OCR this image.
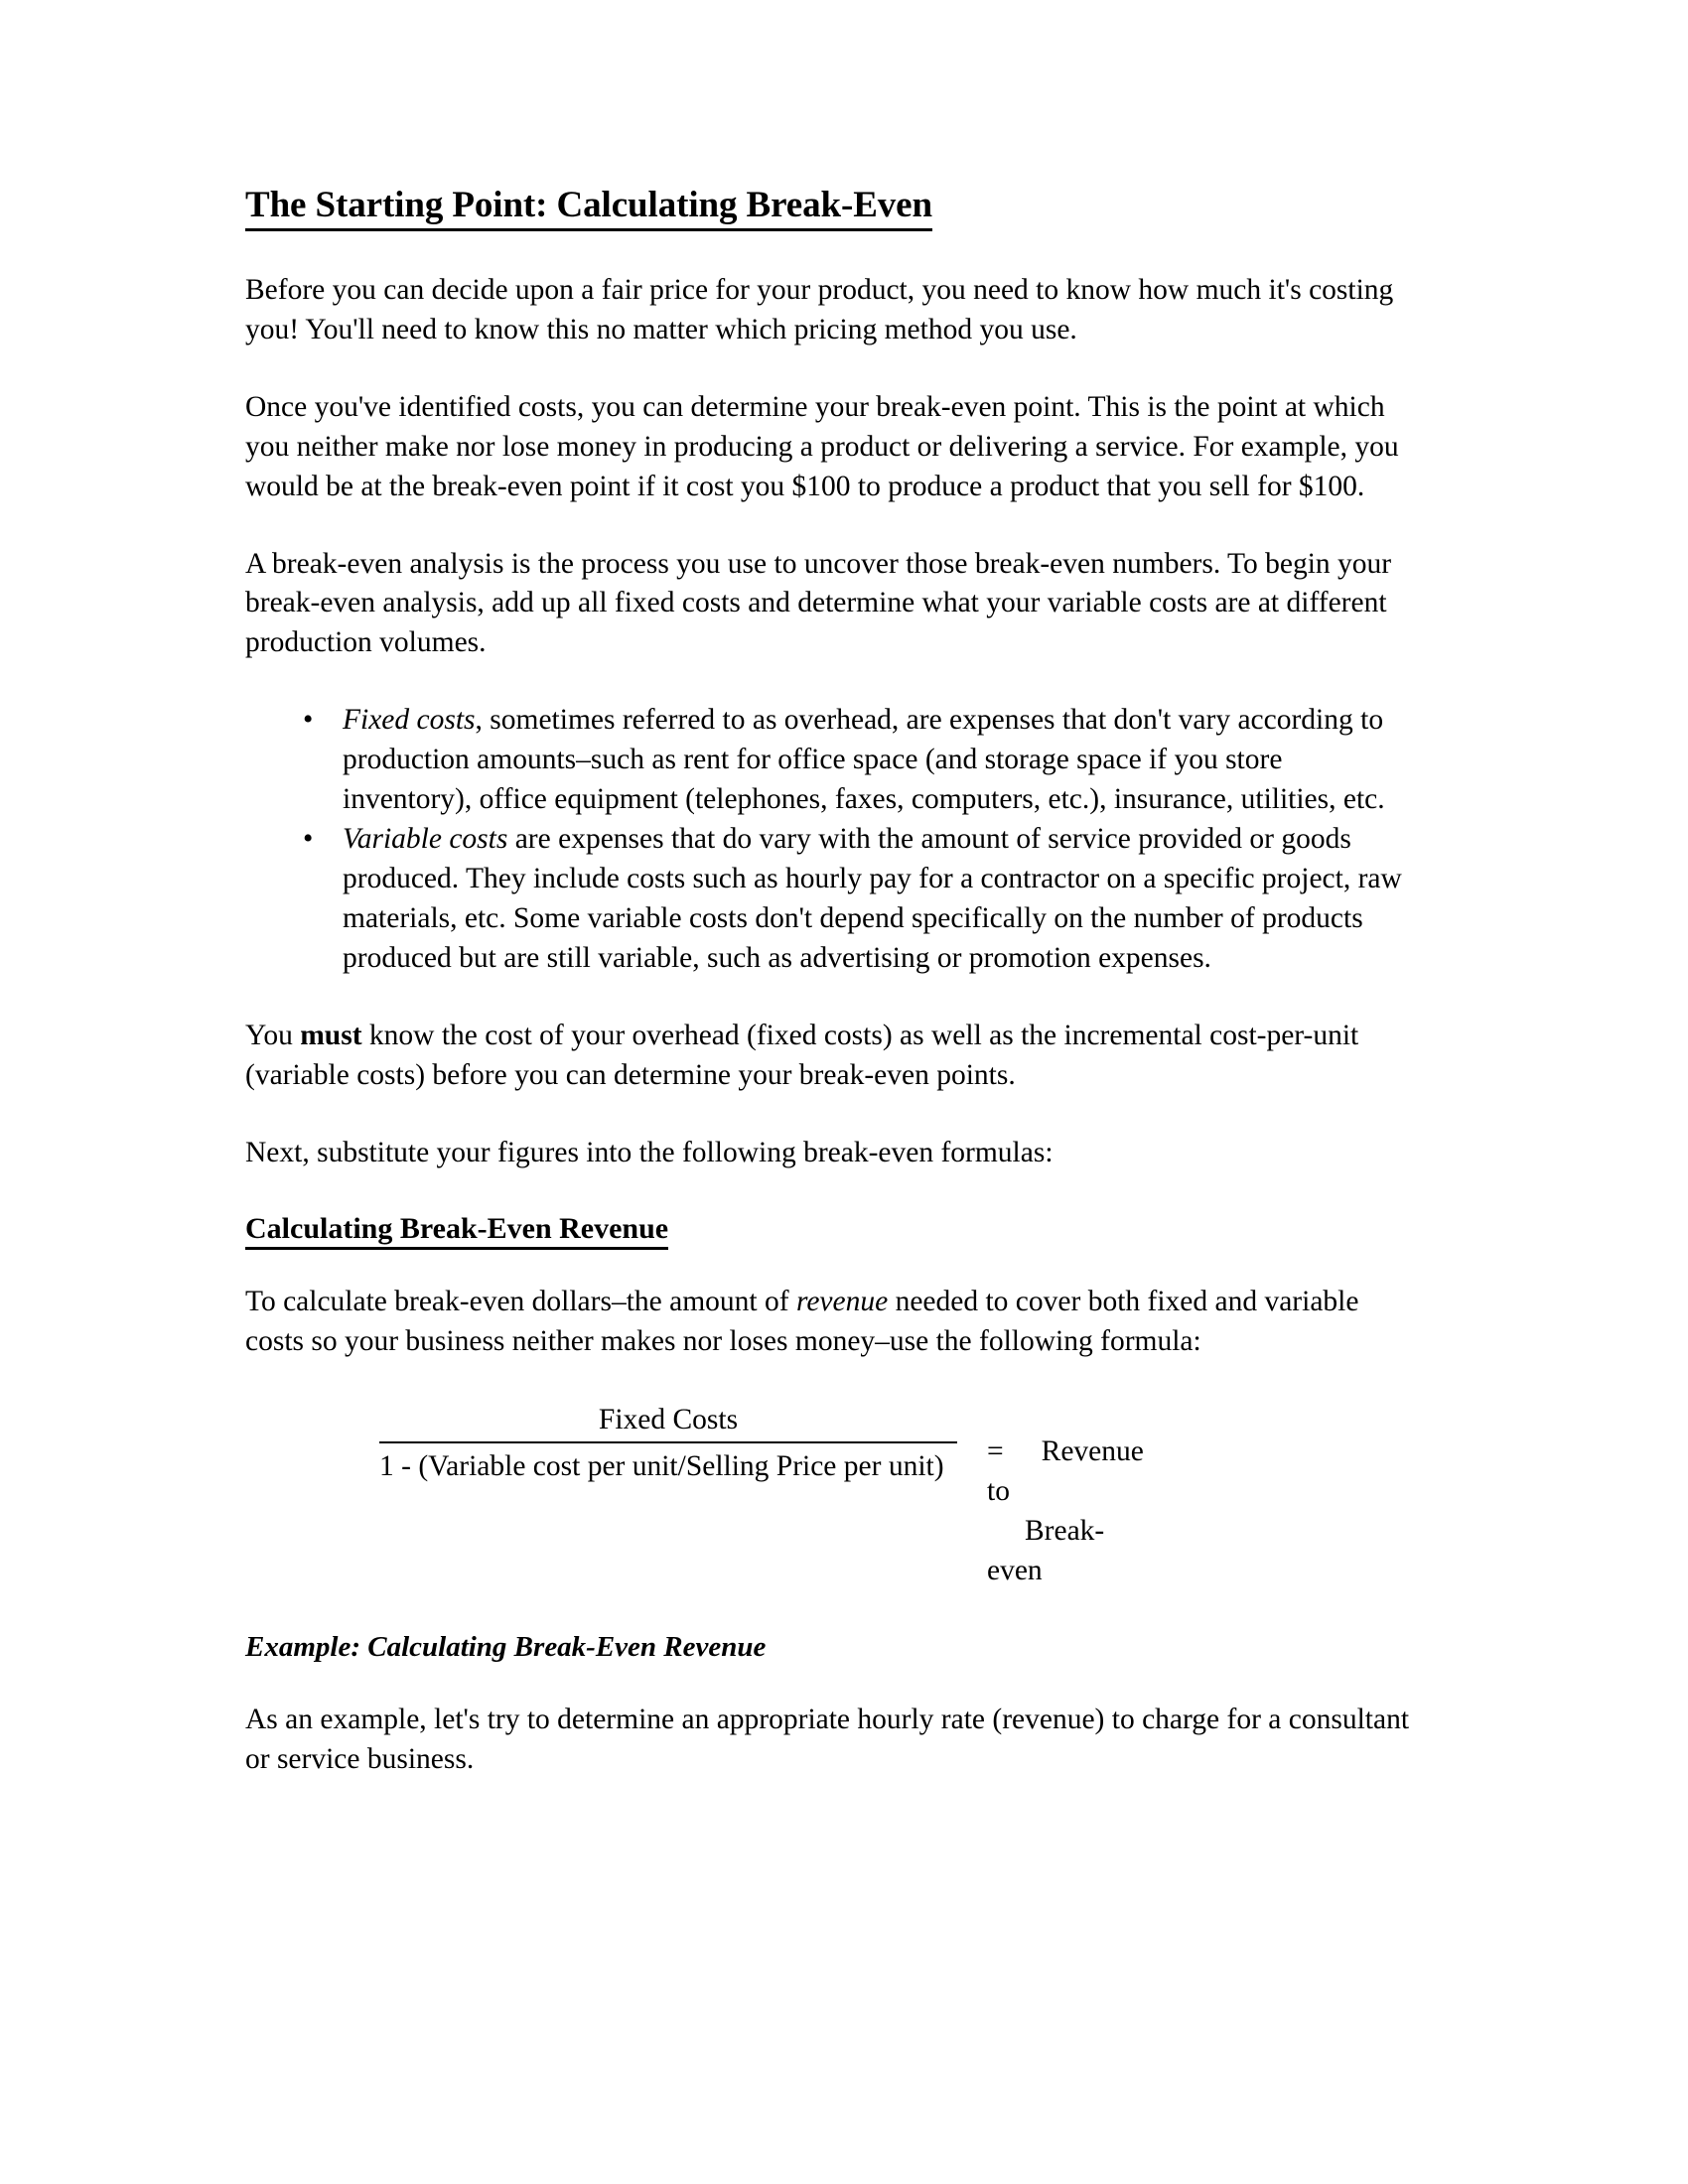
The Starting Point: Calculating Break-Even

Before you can decide upon a fair price for your product, you need to know how much it's costing you! You'll need to know this no matter which pricing method you use.

Once you've identified costs, you can determine your break-even point. This is the point at which you neither make nor lose money in producing a product or delivering a service. For example, you would be at the break-even point if it cost you $100 to produce a product that you sell for $100.

A break-even analysis is the process you use to uncover those break-even numbers. To begin your break-even analysis, add up all fixed costs and determine what your variable costs are at different production volumes.

• Fixed costs, sometimes referred to as overhead, are expenses that don't vary according to production amounts–such as rent for office space (and storage space if you store inventory), office equipment (telephones, faxes, computers, etc.), insurance, utilities, etc.
• Variable costs are expenses that do vary with the amount of service provided or goods produced. They include costs such as hourly pay for a contractor on a specific project, raw materials, etc. Some variable costs don't depend specifically on the number of products produced but are still variable, such as advertising or promotion expenses.

You must know the cost of your overhead (fixed costs) as well as the incremental cost-per-unit (variable costs) before you can determine your break-even points.

Next, substitute your figures into the following break-even formulas:

Calculating Break-Even Revenue

To calculate break-even dollars–the amount of revenue needed to cover both fixed and variable costs so your business neither makes nor loses money–use the following formula:

$\frac{\text{Fixed Costs}}{\text{1 - (Variable cost per unit/Selling Price per unit)}}$ = Revenue
to
Break-
even
Example: Calculating Break-Even Revenue

As an example, let's try to determine an appropriate hourly rate (revenue) to charge for a consultant or service business.
